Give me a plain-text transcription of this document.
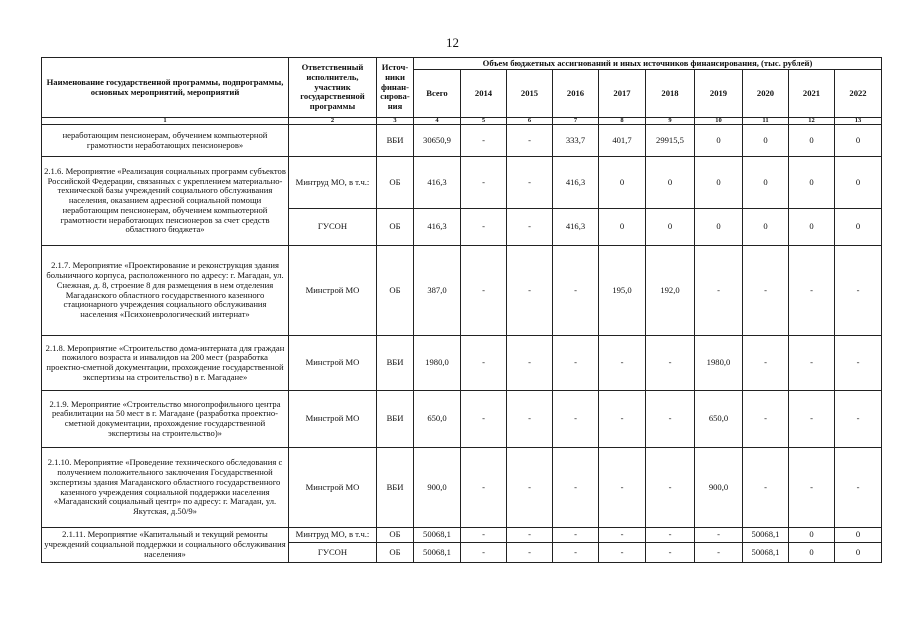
12
Наименование государственной программы, подпрограммы, основных мероприятий, мероприятий	Ответственный исполнитель, участник государственной программы	Источ-ники финан-сирова-ния	Объем бюджетных ассигнований и иных источников финансирования, (тыс. рублей)									
			Всего	2014	2015	2016	2017	2018	2019	2020	2021	2022
1	2	3	4	5	6	7	8	9	10	11	12	13
неработающим пенсионерам, обучением компьютерной грамотности неработающих пенсионеров»		ВБИ	30650,9	-	-	333,7	401,7	29915,5	0	0	0	0
2.1.6. Мероприятие «Реализация социальных программ субъектов Российской Федерации, связанных с укреплением материально-технической базы учреждений социального обслуживания населения, оказанием адресной социальной помощи неработающим пенсионерам, обучением компьютерной грамотности неработающих пенсионеров за счет средств областного бюджета»	Минтруд МО, в т.ч.:	ОБ	416,3	-	-	416,3	0	0	0	0	0	0
	ГУСОН	ОБ	416,3	-	-	416,3	0	0	0	0	0	0
2.1.7. Мероприятие «Проектирование и реконструкция здания больничного корпуса, расположенного по адресу: г. Магадан, ул. Снежная, д. 8, строение 8 для размещения в нем отделения Магаданского областного государственного казенного стационарного учреждения социального обслуживания населения «Психоневрологический интернат»	Минстрой МО	ОБ	387,0	-	-	-	195,0	192,0	-	-	-	-
2.1.8. Мероприятие «Строительство дома-интерната для граждан пожилого возраста и инвалидов на 200 мест (разработка проектно-сметной документации, прохождение государственной экспертизы на строительство) в г. Магадане»	Минстрой МО	ВБИ	1980,0	-	-	-	-	-	1980,0	-	-	-
2.1.9. Мероприятие «Строительство многопрофильного центра реабилитации на 50 мест в г. Магадане (разработка проектно-сметной документации, прохождение государственной экспертизы на строительство)»	Минстрой МО	ВБИ	650,0	-	-	-	-	-	650,0	-	-	-
2.1.10. Мероприятие «Проведение технического обследования с получением положительного заключения Государственной экспертизы здания Магаданского областного государственного казенного учреждения социальной поддержки населения «Магаданский социальный центр» по адресу: г. Магадан, ул. Якутская, д.50/9»	Минстрой МО	ВБИ	900,0	-	-	-	-	-	900,0	-	-	-
2.1.11. Мероприятие «Капитальный и текущий ремонты учреждений социальной поддержки и социального обслуживания населения»	Минтруд МО, в т.ч.:	ОБ	50068,1	-	-	-	-	-	-	50068,1	0	0
	ГУСОН	ОБ	50068,1	-	-	-	-	-	-	50068,1	0	0
